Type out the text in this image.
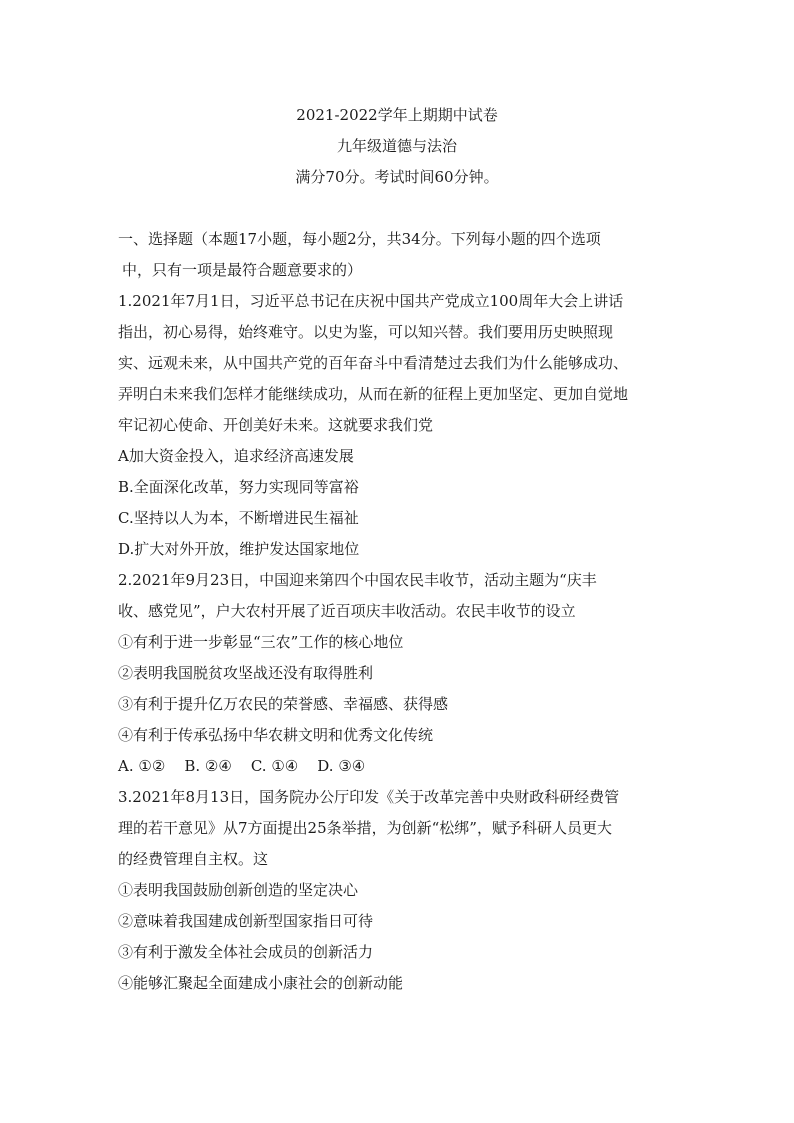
2021-2022学年上期期中试卷
九年级道德与法治
满分70分。考试时间60分钟。
一、选择题（本题17小题，每小题2分，共34分。下列每小题的四个选项
中，只有一项是最符合题意要求的）
1.2021年7月1日，习近平总书记在庆祝中国共产党成立100周年大会上讲话
指出，初心易得，始终难守。以史为鉴，可以知兴替。我们要用历史映照现
实、远观未来，从中国共产党的百年奋斗中看清楚过去我们为什么能够成功、
弄明白未来我们怎样才能继续成功，从而在新的征程上更加坚定、更加自觉地
牢记初心使命、开创美好未来。这就要求我们党
A加大资金投入，追求经济高速发展
B.全面深化改革，努力实现同等富裕
C.坚持以人为本，不断增进民生福祉
D.扩大对外开放，维护发达国家地位
2.2021年9月23日，中国迎来第四个中国农民丰收节，活动主题为“庆丰
收、感党见”，户大农村开展了近百项庆丰收活动。农民丰收节的设立
①有利于进一步彰显“三农”工作的核心地位
②表明我国脱贫攻坚战还没有取得胜利
③有利于提升亿万农民的荣誉感、幸福感、获得感
④有利于传承弘扬中华农耕文明和优秀文化传统
A. ①②    B. ②④    C. ①④    D. ③④
3.2021年8月13日，国务院办公厅印发《关于改革完善中央财政科研经费管
理的若干意见》从7方面提出25条举措，为创新“松绑”，赋予科研人员更大
的经费管理自主权。这
①表明我国鼓励创新创造的坚定决心
②意味着我国建成创新型国家指日可待
③有利于激发全体社会成员的创新活力
④能够汇聚起全面建成小康社会的创新动能
